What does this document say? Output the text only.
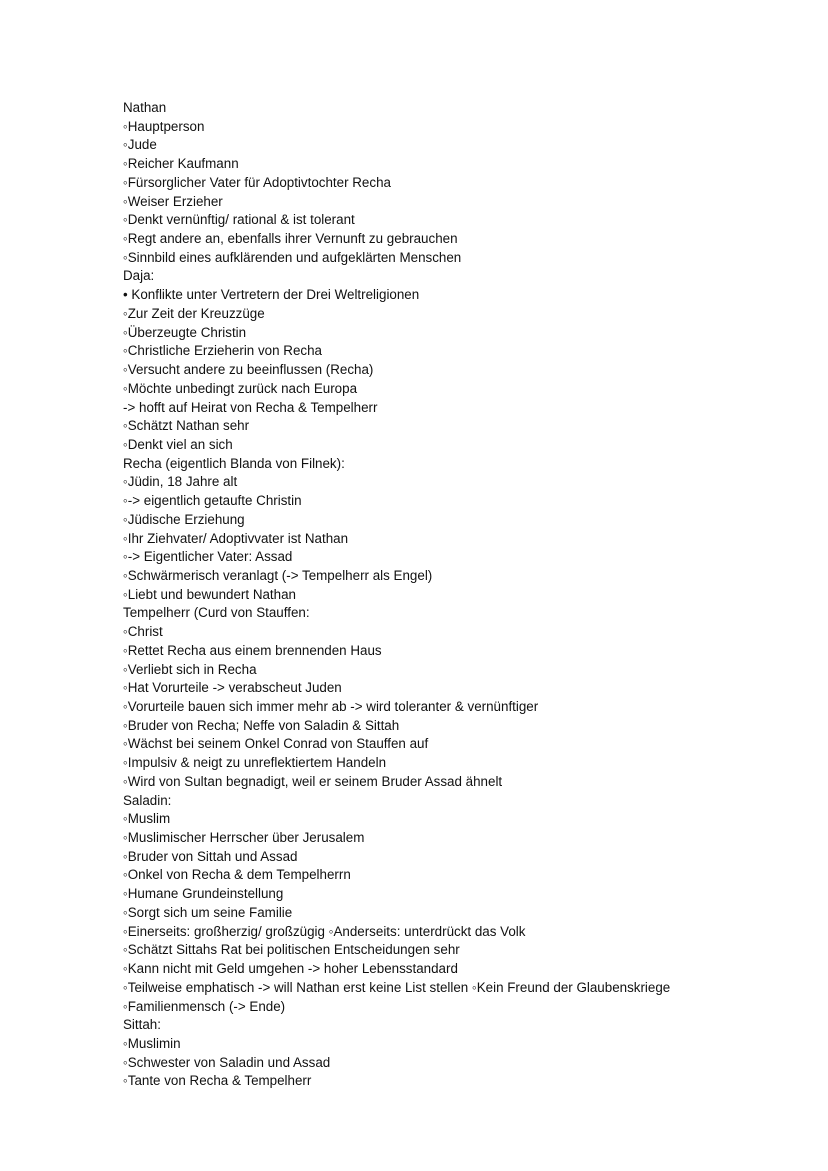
Nathan
◦Hauptperson
◦Jude
◦Reicher Kaufmann
◦Fürsorglicher Vater für Adoptivtochter Recha
◦Weiser Erzieher
◦Denkt vernünftig/ rational & ist tolerant
◦Regt andere an, ebenfalls ihrer Vernunft zu gebrauchen
◦Sinnbild eines aufklärenden und aufgeklärten Menschen
Daja:
• Konflikte unter Vertretern der Drei Weltreligionen
◦Zur Zeit der Kreuzzüge
◦Überzeugte Christin
◦Christliche Erzieherin von Recha
◦Versucht andere zu beeinflussen (Recha)
◦Möchte unbedingt zurück nach Europa
-> hofft auf Heirat von Recha & Tempelherr
◦Schätzt Nathan sehr
◦Denkt viel an sich
Recha (eigentlich Blanda von Filnek):
◦Jüdin, 18 Jahre alt
◦-> eigentlich getaufte Christin
◦Jüdische Erziehung
◦Ihr Ziehvater/ Adoptivvater ist Nathan
◦-> Eigentlicher Vater: Assad
◦Schwärmerisch veranlagt (-> Tempelherr als Engel)
◦Liebt und bewundert Nathan
Tempelherr (Curd von Stauffen:
◦Christ
◦Rettet Recha aus einem brennenden Haus
◦Verliebt sich in Recha
◦Hat Vorurteile -> verabscheut Juden
◦Vorurteile bauen sich immer mehr ab -> wird toleranter & vernünftiger
◦Bruder von Recha; Neffe von Saladin & Sittah
◦Wächst bei seinem Onkel Conrad von Stauffen auf
◦Impulsiv & neigt zu unreflektiertem Handeln
◦Wird von Sultan begnadigt, weil er seinem Bruder Assad ähnelt
Saladin:
◦Muslim
◦Muslimischer Herrscher über Jerusalem
◦Bruder von Sittah und Assad
◦Onkel von Recha & dem Tempelherrn
◦Humane Grundeinstellung
◦Sorgt sich um seine Familie
◦Einerseits: großherzig/ großzügig ◦Anderseits: unterdrückt das Volk
◦Schätzt Sittahs Rat bei politischen Entscheidungen sehr
◦Kann nicht mit Geld umgehen -> hoher Lebensstandard
◦Teilweise emphatisch -> will Nathan erst keine List stellen ◦Kein Freund der Glaubenskriege
◦Familienmensch (-> Ende)
Sittah:
◦Muslimin
◦Schwester von Saladin und Assad
◦Tante von Recha & Tempelherr
